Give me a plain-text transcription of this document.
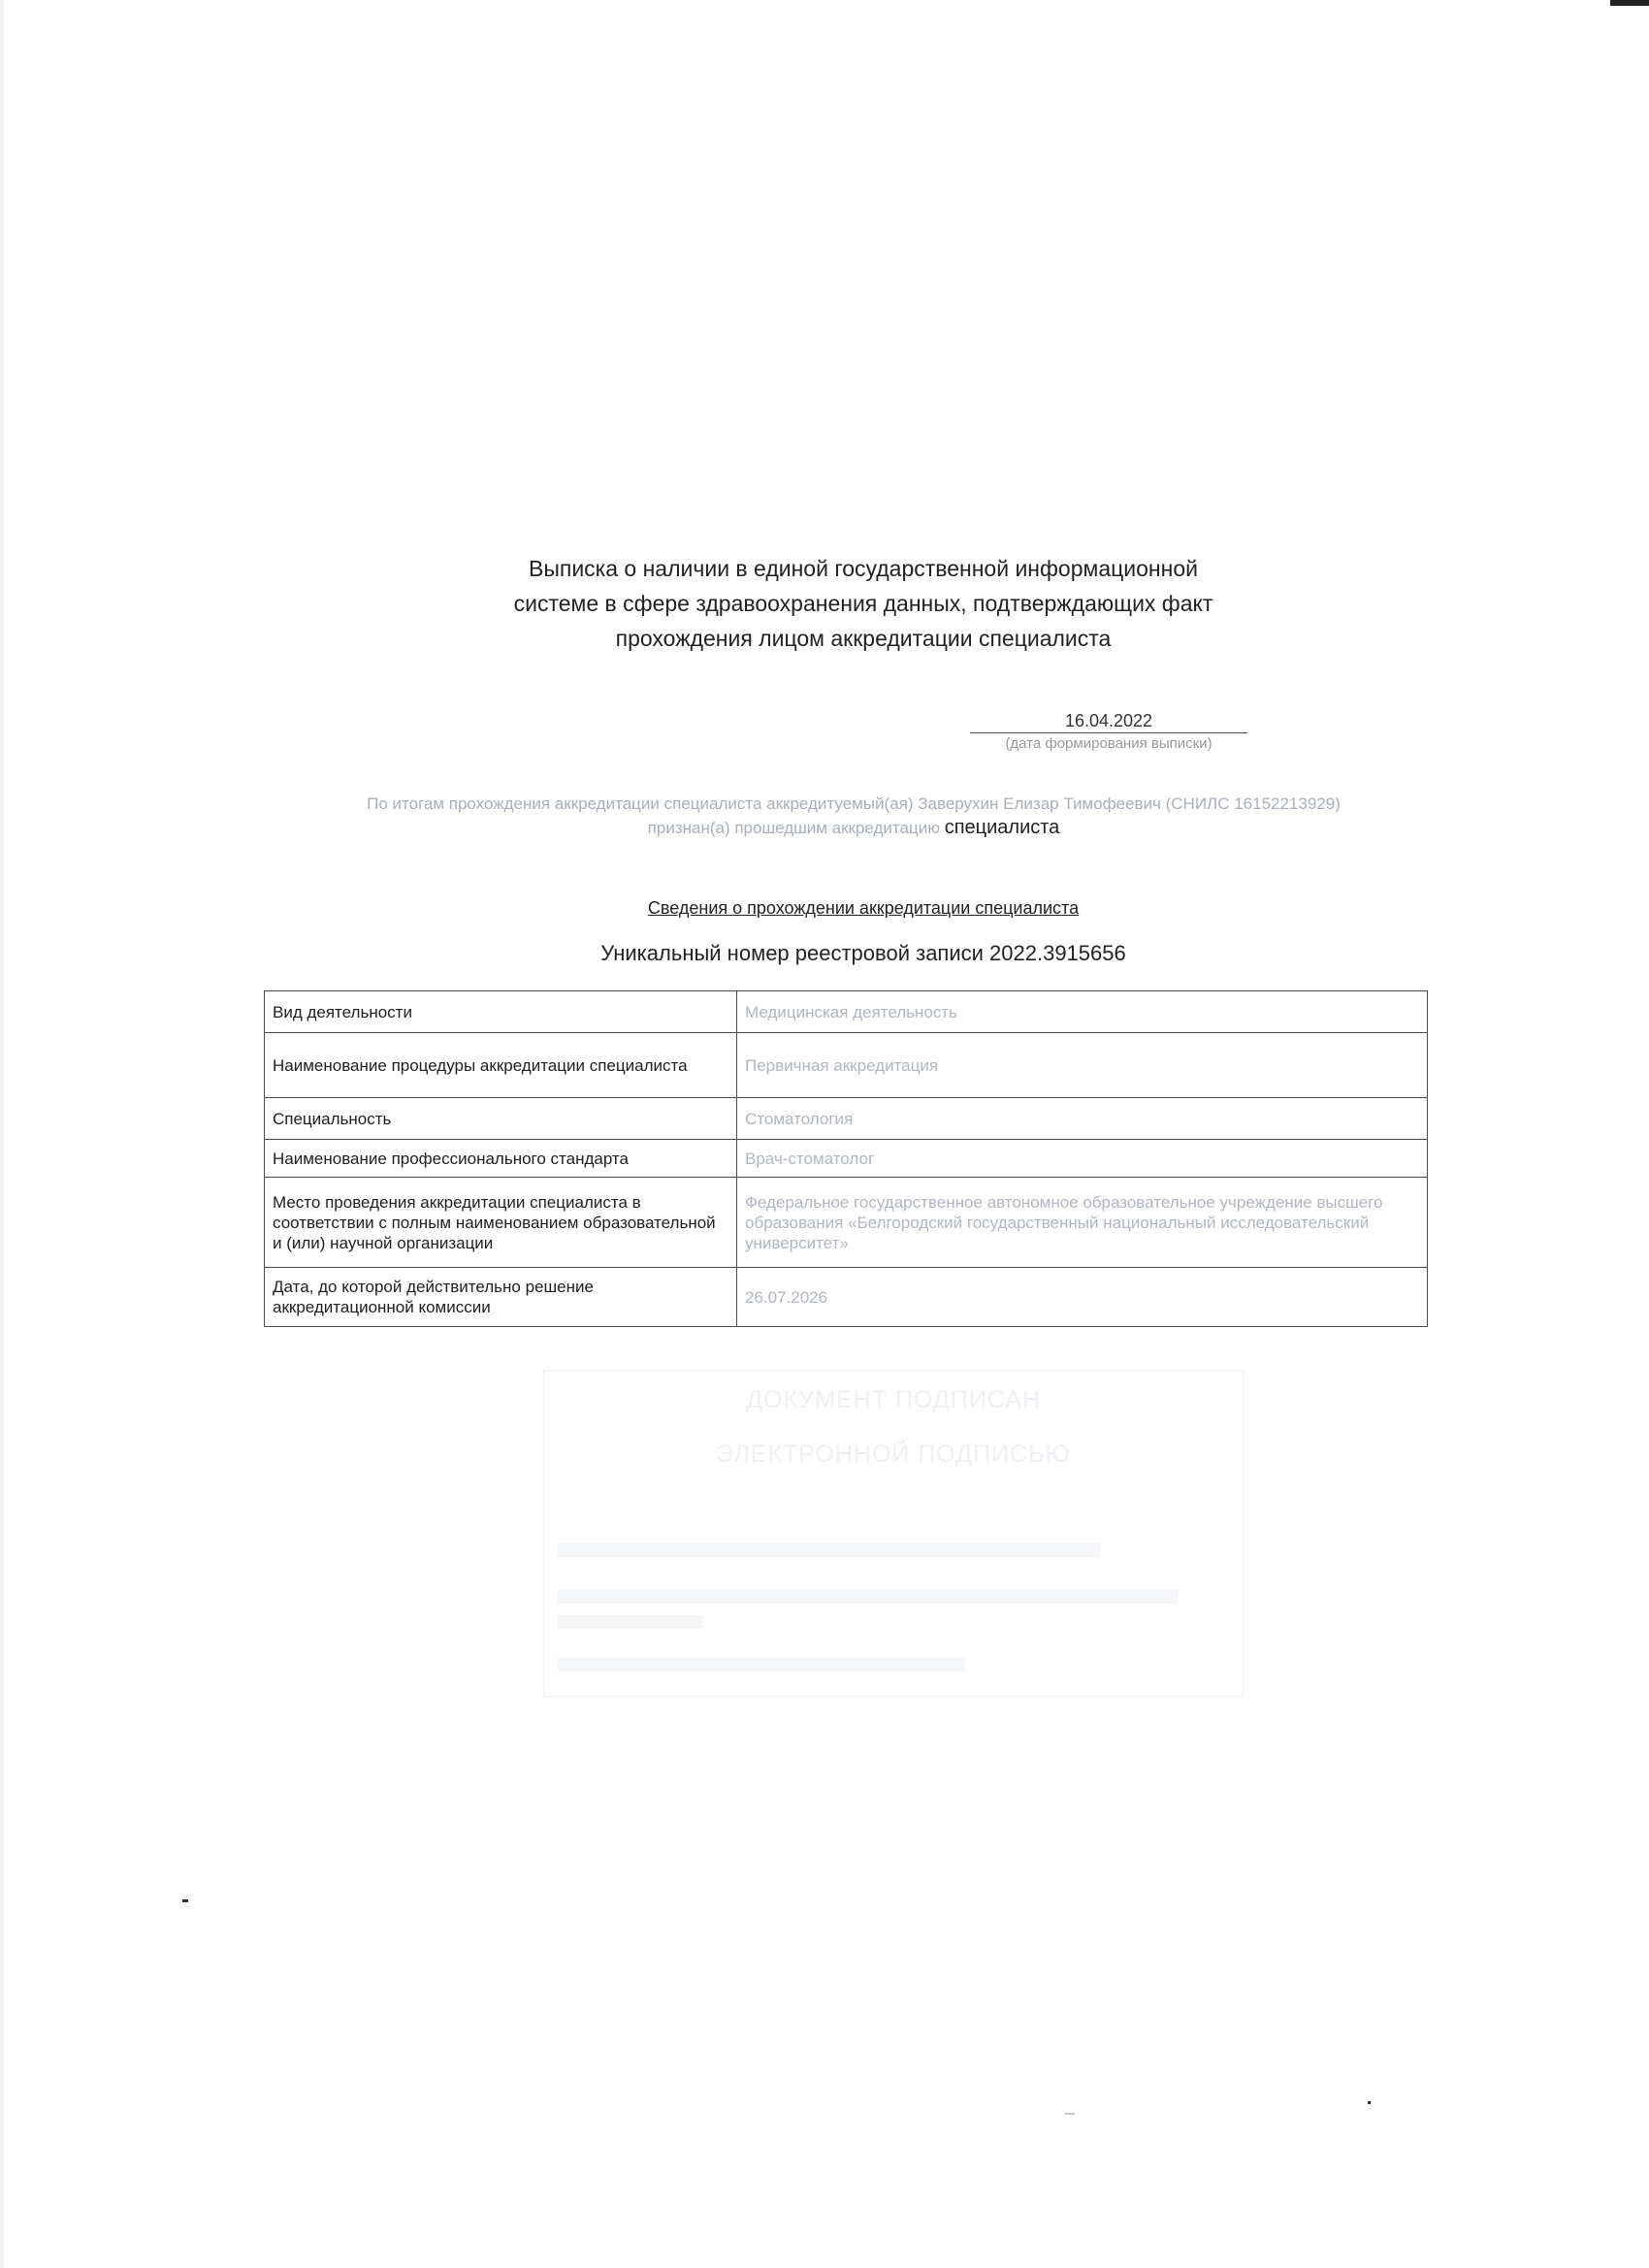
Выписка о наличии в единой государственной информационной
системе в сфере здравоохранения данных, подтверждающих факт
прохождения лицом аккредитации специалиста
16.04.2022
(дата формирования выписки)
По итогам прохождения аккредитации специалиста аккредитуемый(ая) Заверухин Елизар Тимофеевич (СНИЛС 16152213929)
признан(а) прошедшим аккредитацию специалиста
Сведения о прохождении аккредитации специалиста
Уникальный номер реестровой записи 2022.3915656
Вид деятельности	Медицинская деятельность
Наименование процедуры аккредитации специалиста	Первичная аккредитация
Специальность	Стоматология
Наименование профессионального стандарта	Врач-стоматолог
Место проведения аккредитации специалиста в соответствии с полным наименованием образовательной и (или) научной организации	Федеральное государственное автономное образовательное учреждение высшего образования «Белгородский государственный национальный исследовательский университет»
Дата, до которой действительно решение аккредитационной комиссии	26.07.2026
ДОКУМЕНТ ПОДПИСАН
ЭЛЕКТРОННОЙ ПОДПИСЬЮ
